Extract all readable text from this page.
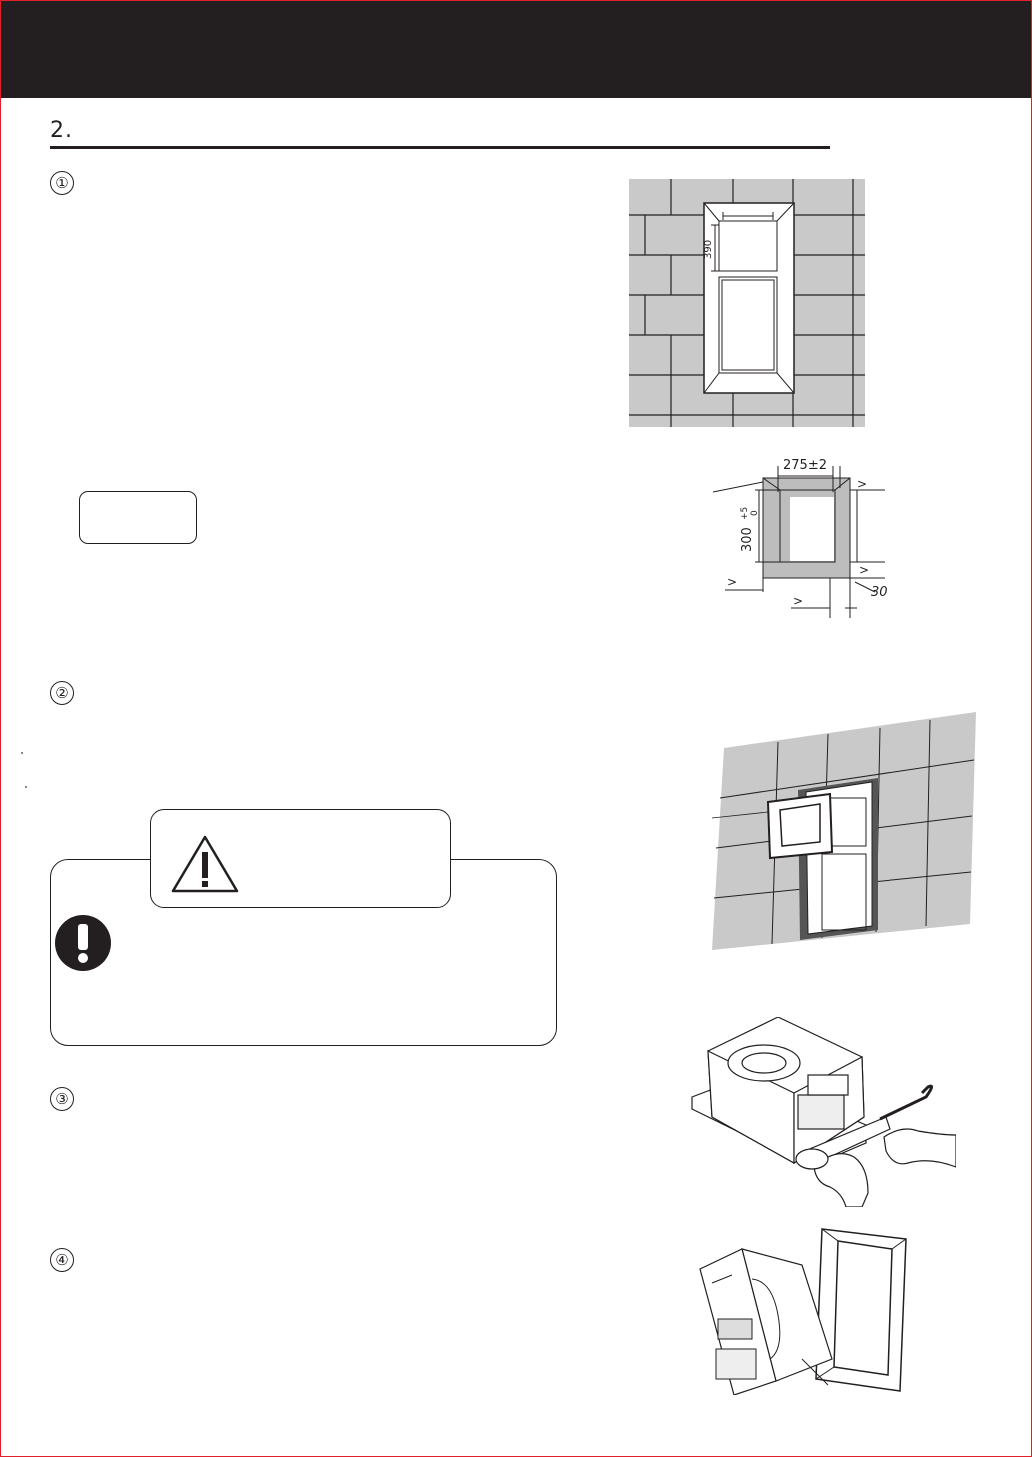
2.
①
②
③
④
390
275±2
300
+5 0
30
>
>
>
>
